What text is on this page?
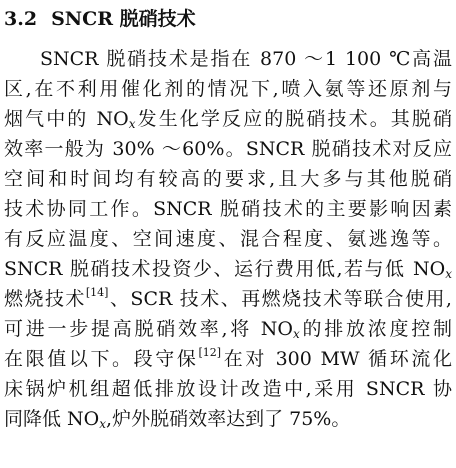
3.2 SNCR 脱硝技术
SNCR 脱硝技术是指在 870 ～1 100 ℃高温
区,在不利用催化剂的情况下,喷入氨等还原剂与
烟气中的 $NO_x$发生化学反应的脱硝技术。其脱硝
效率一般为 30% ～60%。SNCR 脱硝技术对反应
空间和时间均有较高的要求,且大多与其他脱硝
技术协同工作。SNCR 脱硝技术的主要影响因素
有反应温度、空间速度、混合程度、氨逃逸等。
SNCR 脱硝技术投资少、运行费用低,若与低 $NO_x$
燃烧技术[14]、SCR 技术、再燃烧技术等联合使用,
可进一步提高脱硝效率,将 $NO_x$的排放浓度控制
在限值以下。段守保[12]在对 300 MW 循环流化
床锅炉机组超低排放设计改造中,采用 SNCR 协
同降低 $NO_x$,炉外脱硝效率达到了 75%。
